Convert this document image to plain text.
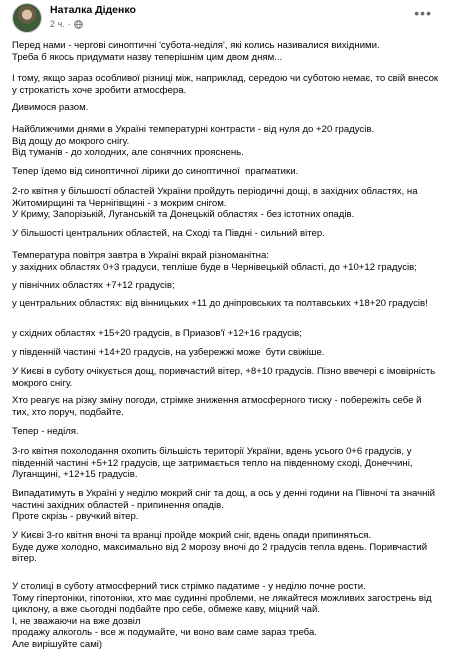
Наталка Діденко
2 ч. ·
•••

Перед нами - чергові синоптичні 'субота-неділя', які колись називалися вихідними.
Треба б якось придумати назву теперішнім цим двом дням...

І тому, якщо зараз особливої різниці між, наприклад, середою чи суботою немає, то свій внесок у строкатість хоче зробити атмосфера.

Дивимося разом.

Найближчими днями в Україні температурні контрасти - від нуля до +20 градусів.
Від дощу до мокрого снігу.
Від туманів - до холодних, але сонячних прояснень.

Тепер їдемо від синоптичної лірики до синоптичної  прагматики.

2-го квітня у більшості областей України пройдуть періодичні дощі, в західних областях, на Житомирщині та Чернігівщині - з мокрим снігом.
У Криму, Запорізькій, Луганській та Донецькій областях - без істотних опадів.

У більшості центральних областей, на Сході та Півдні - сильний вітер.

Температура повітря завтра в Україні вкрай різноманітна:
у західних областях 0+3 градуси, тепліше буде в Чернівецькій області, до +10+12 градусів;

у північних областях +7+12 градусів;

у центральних областях: від вінницьких +11 до дніпровських та полтавських +18+20 градусів!

у східних областях +15+20 градусів, в Приазов'ї +12+16 градусів;

у південній частині +14+20 градусів, на узбережжі може  бути свіжіше.

У Києві в суботу очікується дощ, поривчастий вітер, +8+10 градусів. Пізно ввечері є імовірність мокрого снігу.

Хто реагує на різку зміну погоди, стрімке зниження атмосферного тиску - побережіть себе й тих, хто поруч, подбайте.

Тепер - неділя.

3-го квітня похолодання охопить більшість території України, вдень усього 0+6 градусів, у південній частині +5+12 градусів, ще затримається тепло на південному сході, Донеччині, Луганщині, +12+15 градусів.

Випадатимуть в Україні у неділю мокрий сніг та дощ, а ось у денні години на Півночі та значній частині західних областей - припинення опадів.
Проте скрізь - рвучкий вітер.

У Києві 3-го квітня вночі та вранці пройде мокрий сніг, вдень опади припиняться.
Буде дуже холодно, максимально від 2 морозу вночі до 2 градусів тепла вдень. Поривчастий вітер.

У столиці в суботу атмосферний тиск стрімко падатиме - у неділю почне рости.
Тому гіпертоніки, гіпотоніки, хто має судинні проблеми, не лякайтеся можливих загострень від циклону, а вже сьогодні подбайте про себе, обмеже каву, міцний чай.
І, не зважаючи на вже дозвіл
продажу алкоголь - все ж подумайте, чи воно вам саме зараз треба.
Але вирішуйте самі)
